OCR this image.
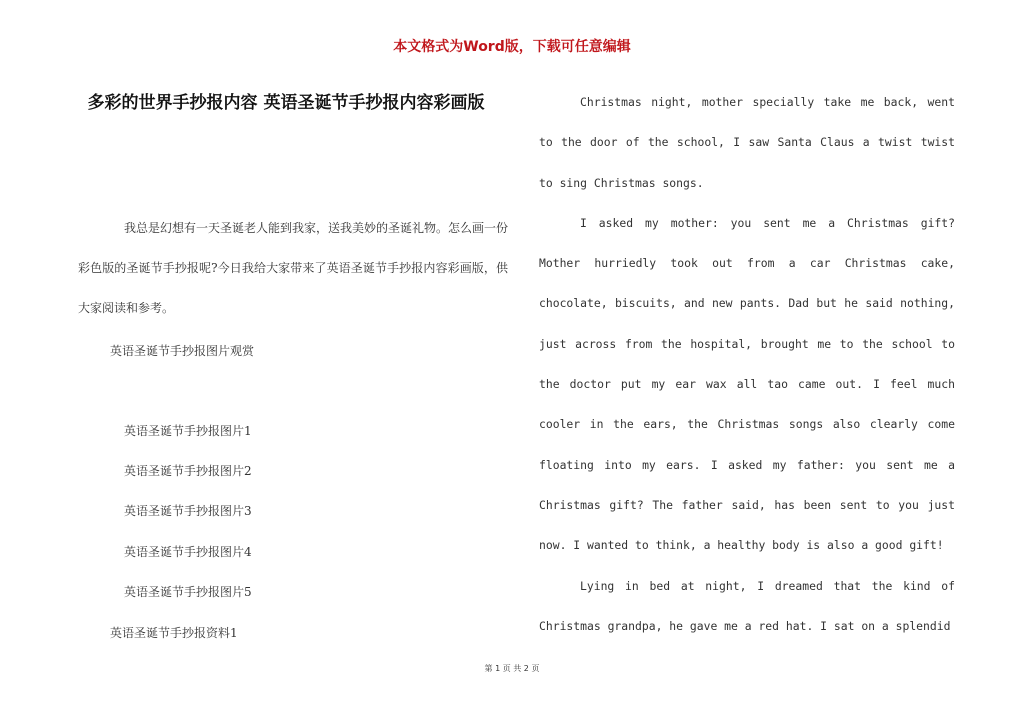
本文格式为Word版，下载可任意编辑
多彩的世界手抄报内容 英语圣诞节手抄报内容彩画版
我总是幻想有一天圣诞老人能到我家，送我美妙的圣诞礼物。怎么画一份彩色版的圣诞节手抄报呢?今日我给大家带来了英语圣诞节手抄报内容彩画版，供大家阅读和参考。
英语圣诞节手抄报图片观赏
英语圣诞节手抄报图片1
英语圣诞节手抄报图片2
英语圣诞节手抄报图片3
英语圣诞节手抄报图片4
英语圣诞节手抄报图片5
英语圣诞节手抄报资料1

Christmas night, mother specially take me back, went to the door of the school, I saw Santa Claus a twist twist to sing Christmas songs.

I asked my mother: you sent me a Christmas gift? Mother hurriedly took out from a car Christmas cake, chocolate, biscuits, and new pants. Dad but he said nothing, just across from the hospital, brought me to the school to the doctor put my ear wax all tao came out. I feel much cooler in the ears, the Christmas songs also clearly come floating into my ears. I asked my father: you sent me a Christmas gift? The father said, has been sent to you just now. I wanted to think, a healthy body is also a good gift!

Lying in bed at night, I dreamed that the kind of Christmas grandpa, he gave me a red hat. I sat on a splendid

第 1 页 共 2 页
